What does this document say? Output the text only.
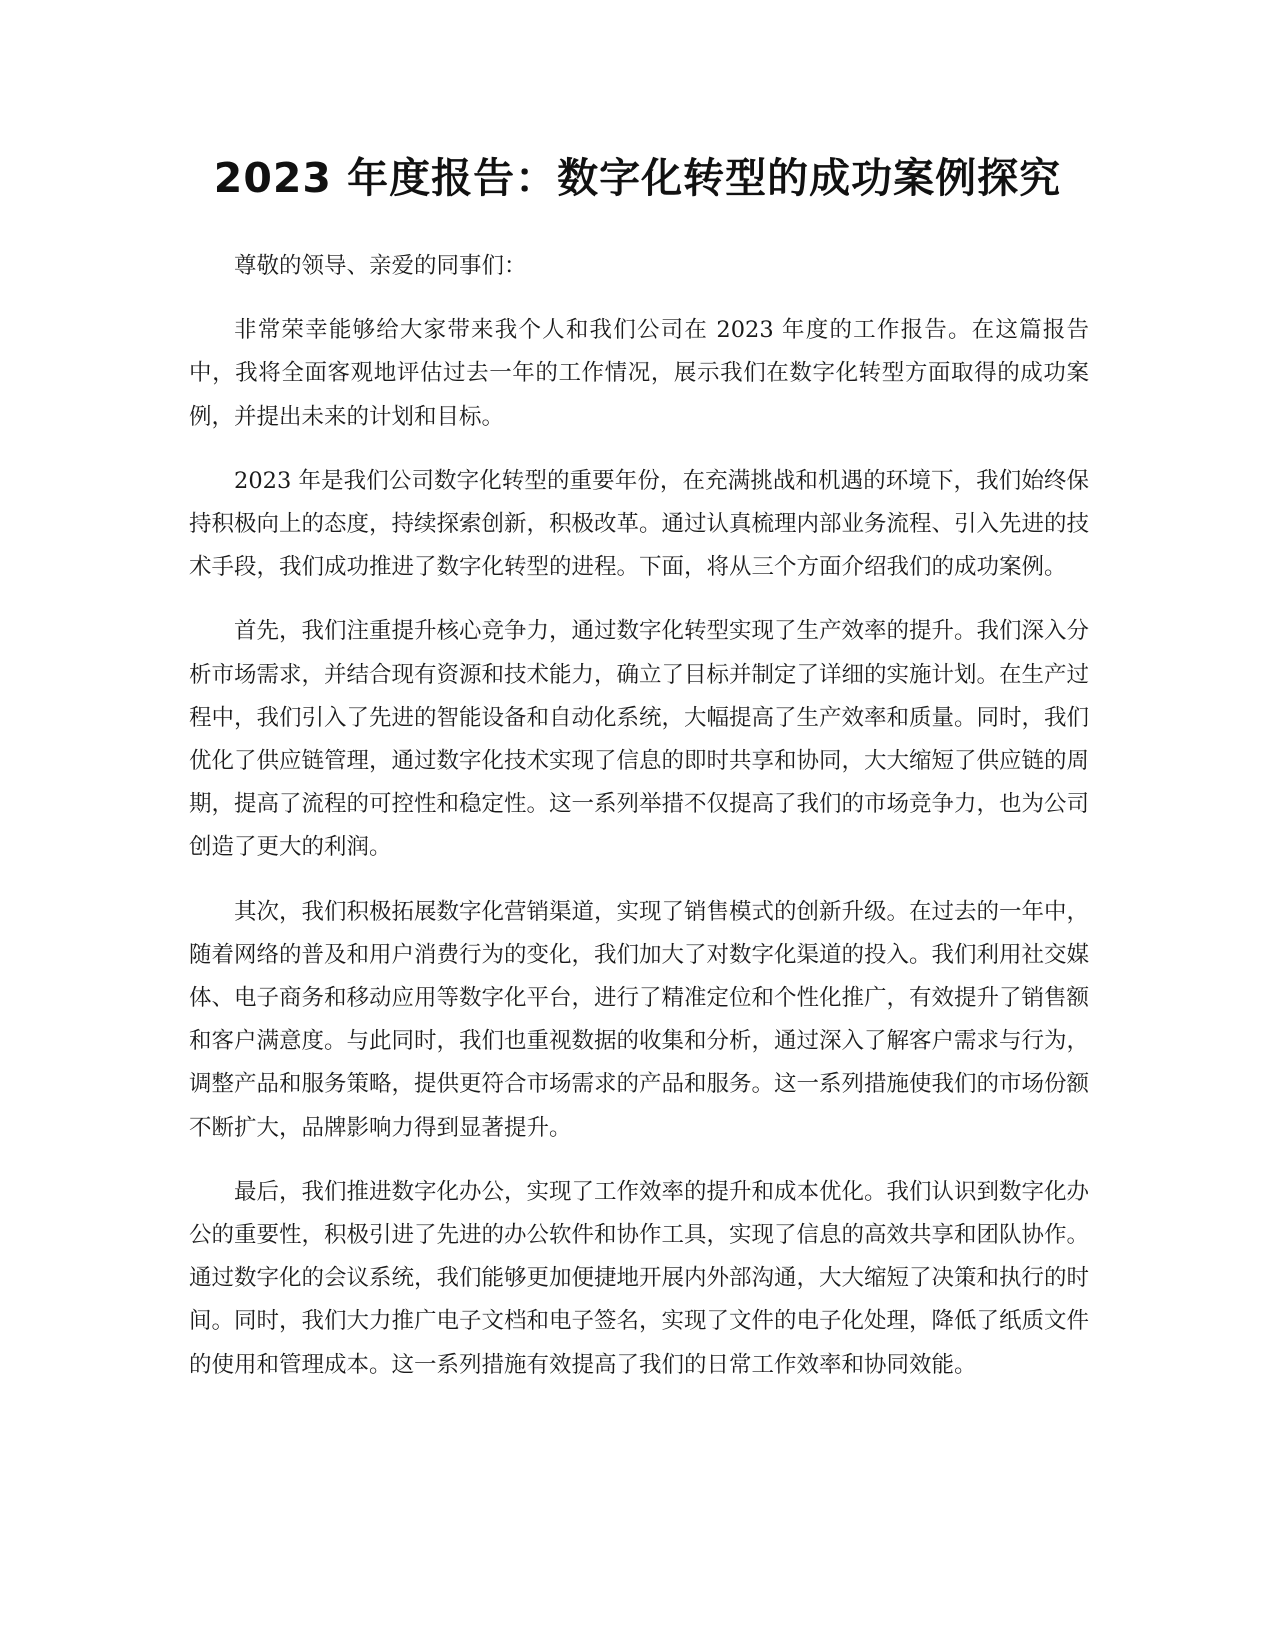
2023 年度报告：数字化转型的成功案例探究

尊敬的领导、亲爱的同事们：

非常荣幸能够给大家带来我个人和我们公司在 2023 年度的工作报告。在这篇报告中，我将全面客观地评估过去一年的工作情况，展示我们在数字化转型方面取得的成功案例，并提出未来的计划和目标。

2023 年是我们公司数字化转型的重要年份，在充满挑战和机遇的环境下，我们始终保持积极向上的态度，持续探索创新，积极改革。通过认真梳理内部业务流程、引入先进的技术手段，我们成功推进了数字化转型的进程。下面，将从三个方面介绍我们的成功案例。

首先，我们注重提升核心竞争力，通过数字化转型实现了生产效率的提升。我们深入分析市场需求，并结合现有资源和技术能力，确立了目标并制定了详细的实施计划。在生产过程中，我们引入了先进的智能设备和自动化系统，大幅提高了生产效率和质量。同时，我们优化了供应链管理，通过数字化技术实现了信息的即时共享和协同，大大缩短了供应链的周期，提高了流程的可控性和稳定性。这一系列举措不仅提高了我们的市场竞争力，也为公司创造了更大的利润。

其次，我们积极拓展数字化营销渠道，实现了销售模式的创新升级。在过去的一年中，随着网络的普及和用户消费行为的变化，我们加大了对数字化渠道的投入。我们利用社交媒体、电子商务和移动应用等数字化平台，进行了精准定位和个性化推广，有效提升了销售额和客户满意度。与此同时，我们也重视数据的收集和分析，通过深入了解客户需求与行为，调整产品和服务策略，提供更符合市场需求的产品和服务。这一系列措施使我们的市场份额不断扩大，品牌影响力得到显著提升。

最后，我们推进数字化办公，实现了工作效率的提升和成本优化。我们认识到数字化办公的重要性，积极引进了先进的办公软件和协作工具，实现了信息的高效共享和团队协作。通过数字化的会议系统，我们能够更加便捷地开展内外部沟通，大大缩短了决策和执行的时间。同时，我们大力推广电子文档和电子签名，实现了文件的电子化处理，降低了纸质文件的使用和管理成本。这一系列措施有效提高了我们的日常工作效率和协同效能。
